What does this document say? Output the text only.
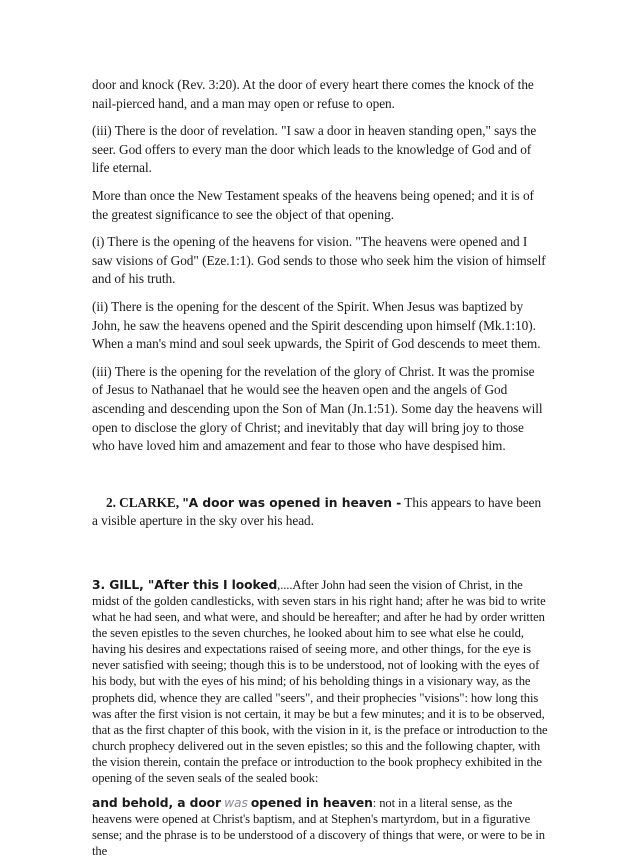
door and knock (Rev. 3:20). At the door of every heart there comes the knock of the nail-pierced hand, and a man may open or refuse to open.

(iii) There is the door of revelation. "I saw a door in heaven standing open," says the seer. God offers to every man the door which leads to the knowledge of God and of life eternal.

More than once the New Testament speaks of the heavens being opened; and it is of the greatest significance to see the object of that opening.

(i) There is the opening of the heavens for vision. "The heavens were opened and I saw visions of God" (Eze.1:1). God sends to those who seek him the vision of himself and of his truth.

(ii) There is the opening for the descent of the Spirit. When Jesus was baptized by John, he saw the heavens opened and the Spirit descending upon himself (Mk.1:10). When a man's mind and soul seek upwards, the Spirit of God descends to meet them.

(iii) There is the opening for the revelation of the glory of Christ. It was the promise of Jesus to Nathanael that he would see the heaven open and the angels of God ascending and descending upon the Son of Man (Jn.1:51). Some day the heavens will open to disclose the glory of Christ; and inevitably that day will bring joy to those who have loved him and amazement and fear to those who have despised him.

2. CLARKE, "A door was opened in heaven - This appears to have been a visible aperture in the sky over his head.

3. GILL, "After this I looked,....After John had seen the vision of Christ, in the midst of the golden candlesticks, with seven stars in his right hand; after he was bid to write what he had seen, and what were, and should be hereafter; and after he had by order written the seven epistles to the seven churches, he looked about him to see what else he could, having his desires and expectations raised of seeing more, and other things, for the eye is never satisfied with seeing; though this is to be understood, not of looking with the eyes of his body, but with the eyes of his mind; of his beholding things in a visionary way, as the prophets did, whence they are called "seers", and their prophecies "visions": how long this was after the first vision is not certain, it may be but a few minutes; and it is to be observed, that as the first chapter of this book, with the vision in it, is the preface or introduction to the church prophecy delivered out in the seven epistles; so this and the following chapter, with the vision therein, contain the preface or introduction to the book prophecy exhibited in the opening of the seven seals of the sealed book:

and behold, a door was opened in heaven: not in a literal sense, as the heavens were opened at Christ's baptism, and at Stephen's martyrdom, but in a figurative sense; and the phrase is to be understood of a discovery of things that were, or were to be in the
